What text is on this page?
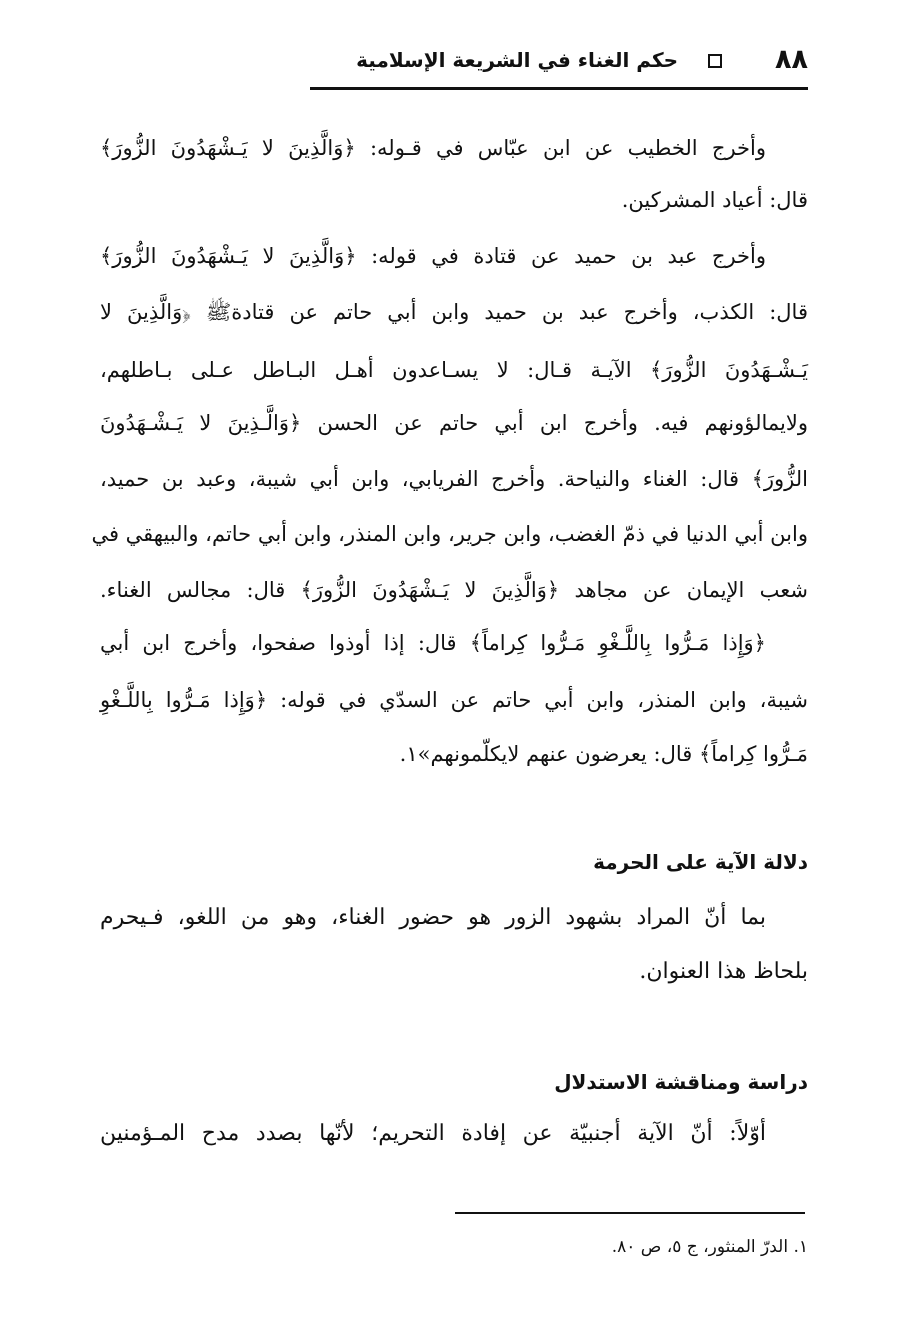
٨٨
حكم الغناء في الشريعة الإسلامية
وأخرج الخطيب عن ابن عبّاس في قـوله: ﴿وَالَّذِينَ لا يَـشْهَدُونَ الزُّورَ﴾
قال: أعياد المشركين.
وأخرج عبد بن حميد عن قتادة في قوله: ﴿وَالَّذِينَ لا يَـشْهَدُونَ الزُّورَ﴾
قال: الكذب، وأخرج عبد بن حميد وابن أبي حاتم عن قتادةﷺ ﴿وَالَّذِينَ لا
يَـشْـهَدُونَ الزُّورَ﴾ الآيـة قـال: لا يسـاعدون أهـل البـاطل عـلى بـاطلهم،
ولايمالؤونهم فيه. وأخرج ابن أبي حاتم عن الحسن ﴿وَالَّـذِينَ لا يَـشْـهَدُونَ
الزُّورَ﴾ قال: الغناء والنياحة. وأخرج الفريابي، وابن أبي شيبة، وعبد بن حميد،
وابن أبي الدنيا في ذمّ الغضب، وابن جرير، وابن المنذر، وابن أبي حاتم، والبيهقي في
شعب الإيمان عن مجاهد ﴿وَالَّذِينَ لا يَـشْهَدُونَ الزُّورَ﴾ قال: مجالس الغناء.
﴿وَإِذا مَـرُّوا بِاللَّـغْوِ مَـرُّوا كِراماً﴾ قال: إذا أوذوا صفحوا، وأخرج ابن أبي
شيبة، وابن المنذر، وابن أبي حاتم عن السدّي في قوله: ﴿وَإِذا مَـرُّوا بِاللَّـغْوِ
مَـرُّوا كِراماً﴾ قال: يعرضون عنهم لايكلّمونهم»١.
دلالة الآية على الحرمة
بما أنّ المراد بشهود الزور هو حضور الغناء، وهو من اللغو، فـيحرم
بلحاظ هذا العنوان.
دراسة ومناقشة الاستدلال
أوّلاً: أنّ الآية أجنبيّة عن إفادة التحريم؛ لأنّها بصدد مدح المـؤمنين
١. الدرّ المنثور، ج ٥، ص ٨٠.
